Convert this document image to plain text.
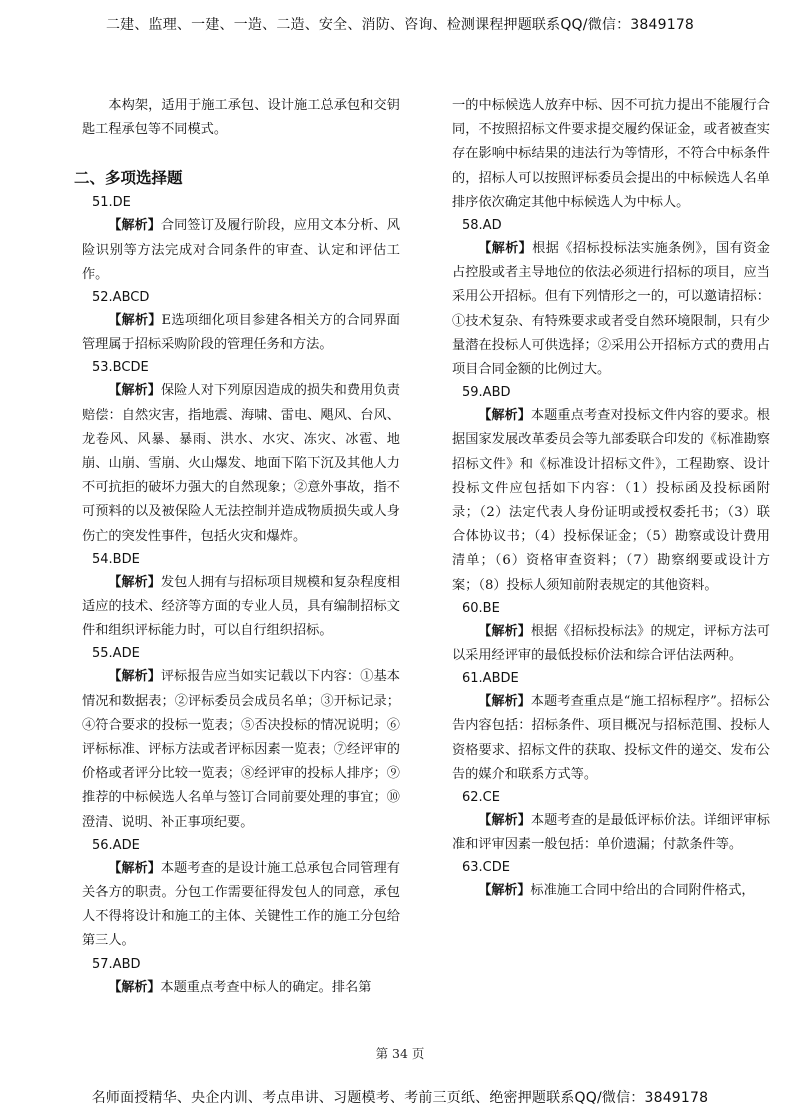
二建、监理、一建、一造、二造、安全、消防、咨询、检测课程押题联系QQ/微信：3849178

本构架，适用于施工承包、设计施工总承包和交钥匙工程承包等不同模式。

二、多项选择题

51.DE

【解析】合同签订及履行阶段，应用文本分析、风险识别等方法完成对合同条件的审查、认定和评估工作。

52.ABCD

【解析】E选项细化项目参建各相关方的合同界面管理属于招标采购阶段的管理任务和方法。

53.BCDE

【解析】保险人对下列原因造成的损失和费用负责赔偿：自然灾害，指地震、海啸、雷电、飓风、台风、龙卷风、风暴、暴雨、洪水、水灾、冻灾、冰雹、地崩、山崩、雪崩、火山爆发、地面下陷下沉及其他人力不可抗拒的破坏力强大的自然现象；②意外事故，指不可预料的以及被保险人无法控制并造成物质损失或人身伤亡的突发性事件，包括火灾和爆炸。

54.BDE

【解析】发包人拥有与招标项目规模和复杂程度相适应的技术、经济等方面的专业人员，具有编制招标文件和组织评标能力时，可以自行组织招标。

55.ADE

【解析】评标报告应当如实记载以下内容：①基本情况和数据表；②评标委员会成员名单；③开标记录；④符合要求的投标一览表；⑤否决投标的情况说明；⑥评标标准、评标方法或者评标因素一览表；⑦经评审的价格或者评分比较一览表；⑧经评审的投标人排序；⑨推荐的中标候选人名单与签订合同前要处理的事宜；⑩澄清、说明、补正事项纪要。

56.ADE

【解析】本题考查的是设计施工总承包合同管理有关各方的职责。分包工作需要征得发包人的同意，承包人不得将设计和施工的主体、关键性工作的施工分包给第三人。

57.ABD

【解析】本题重点考查中标人的确定。排名第

一的中标候选人放弃中标、因不可抗力提出不能履行合同，不按照招标文件要求提交履约保证金，或者被查实存在影响中标结果的违法行为等情形，不符合中标条件的，招标人可以按照评标委员会提出的中标候选人名单排序依次确定其他中标候选人为中标人。

58.AD

【解析】根据《招标投标法实施条例》，国有资金占控股或者主导地位的依法必须进行招标的项目，应当采用公开招标。但有下列情形之一的，可以邀请招标：①技术复杂、有特殊要求或者受自然环境限制，只有少量潜在投标人可供选择；②采用公开招标方式的费用占项目合同金额的比例过大。

59.ABD

【解析】本题重点考查对投标文件内容的要求。根据国家发展改革委员会等九部委联合印发的《标准勘察招标文件》和《标准设计招标文件》，工程勘察、设计投标文件应包括如下内容：（1）投标函及投标函附录；（2）法定代表人身份证明或授权委托书；（3）联合体协议书；（4）投标保证金；（5）勘察或设计费用清单；（6）资格审查资料；（7）勘察纲要或设计方案；（8）投标人须知前附表规定的其他资料。

60.BE

【解析】根据《招标投标法》的规定，评标方法可以采用经评审的最低投标价法和综合评估法两种。

61.ABDE

【解析】本题考查重点是“施工招标程序”。招标公告内容包括：招标条件、项目概况与招标范围、投标人资格要求、招标文件的获取、投标文件的递交、发布公告的媒介和联系方式等。

62.CE

【解析】本题考查的是最低评标价法。详细评审标准和评审因素一般包括：单价遗漏；付款条件等。

63.CDE

【解析】标准施工合同中给出的合同附件格式，

第 34 页
名师面授精华、央企内训、考点串讲、习题模考、考前三页纸、绝密押题联系QQ/微信：3849178
